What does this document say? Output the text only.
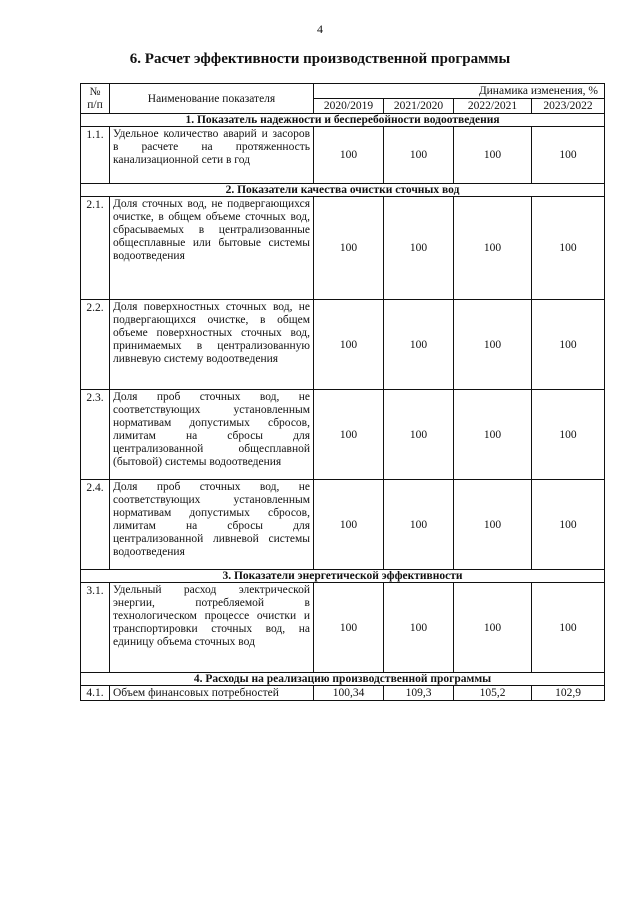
4
6. Расчет эффективности производственной программы
№ п/п	Наименование показателя	Динамика изменения, %			
		2020/2019	2021/2020	2022/2021	2023/2022
1. Показатель надежности и бесперебойности водоотведения					
1.1.	Удельное количество аварий и засоров в расчете на протяженность канализационной сети в год	100	100	100	100
2. Показатели качества очистки сточных вод					
2.1.	Доля сточных вод, не подвергающихся очистке, в общем объеме сточных вод, сбрасываемых в централизованные общесплавные или бытовые системы водоотведения	100	100	100	100
2.2.	Доля поверхностных сточных вод, не подвергающихся очистке, в общем объеме поверхностных сточных вод, принимаемых в централизованную ливневую систему водоотведения	100	100	100	100
2.3.	Доля проб сточных вод, не соответствующих установленным нормативам допустимых сбросов, лимитам на сбросы для централизованной общесплавной (бытовой) системы водоотведения	100	100	100	100
2.4.	Доля проб сточных вод, не соответствующих установленным нормативам допустимых сбросов, лимитам на сбросы для централизованной ливневой системы водоотведения	100	100	100	100
3. Показатели энергетической эффективности					
3.1.	Удельный расход электрической энергии, потребляемой в технологическом процессе очистки и транспортировки сточных вод, на единицу объема сточных вод	100	100	100	100
4. Расходы на реализацию производственной программы					
4.1.	Объем финансовых потребностей	100,34	109,3	105,2	102,9
